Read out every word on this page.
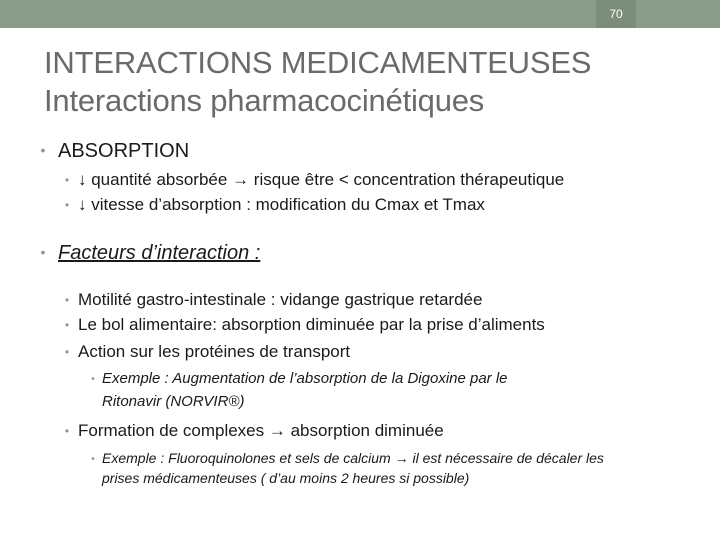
70
INTERACTIONS MEDICAMENTEUSES
Interactions pharmacocinétiques
• ABSORPTION
• ↓ quantité absorbée → risque être < concentration thérapeutique
• ↓ vitesse d’absorption : modification du Cmax et Tmax
• Facteurs d’interaction :
• Motilité gastro-intestinale : vidange gastrique retardée
• Le bol alimentaire: absorption diminuée par la prise d’aliments
• Action sur les protéines de transport
• Exemple : Augmentation de l’absorption de la Digoxine par le
Ritonavir (NORVIR®)
• Formation de complexes → absorption diminuée
• Exemple : Fluoroquinolones et sels de calcium → il est nécessaire de décaler les
prises médicamenteuses ( d’au moins 2 heures si possible)
